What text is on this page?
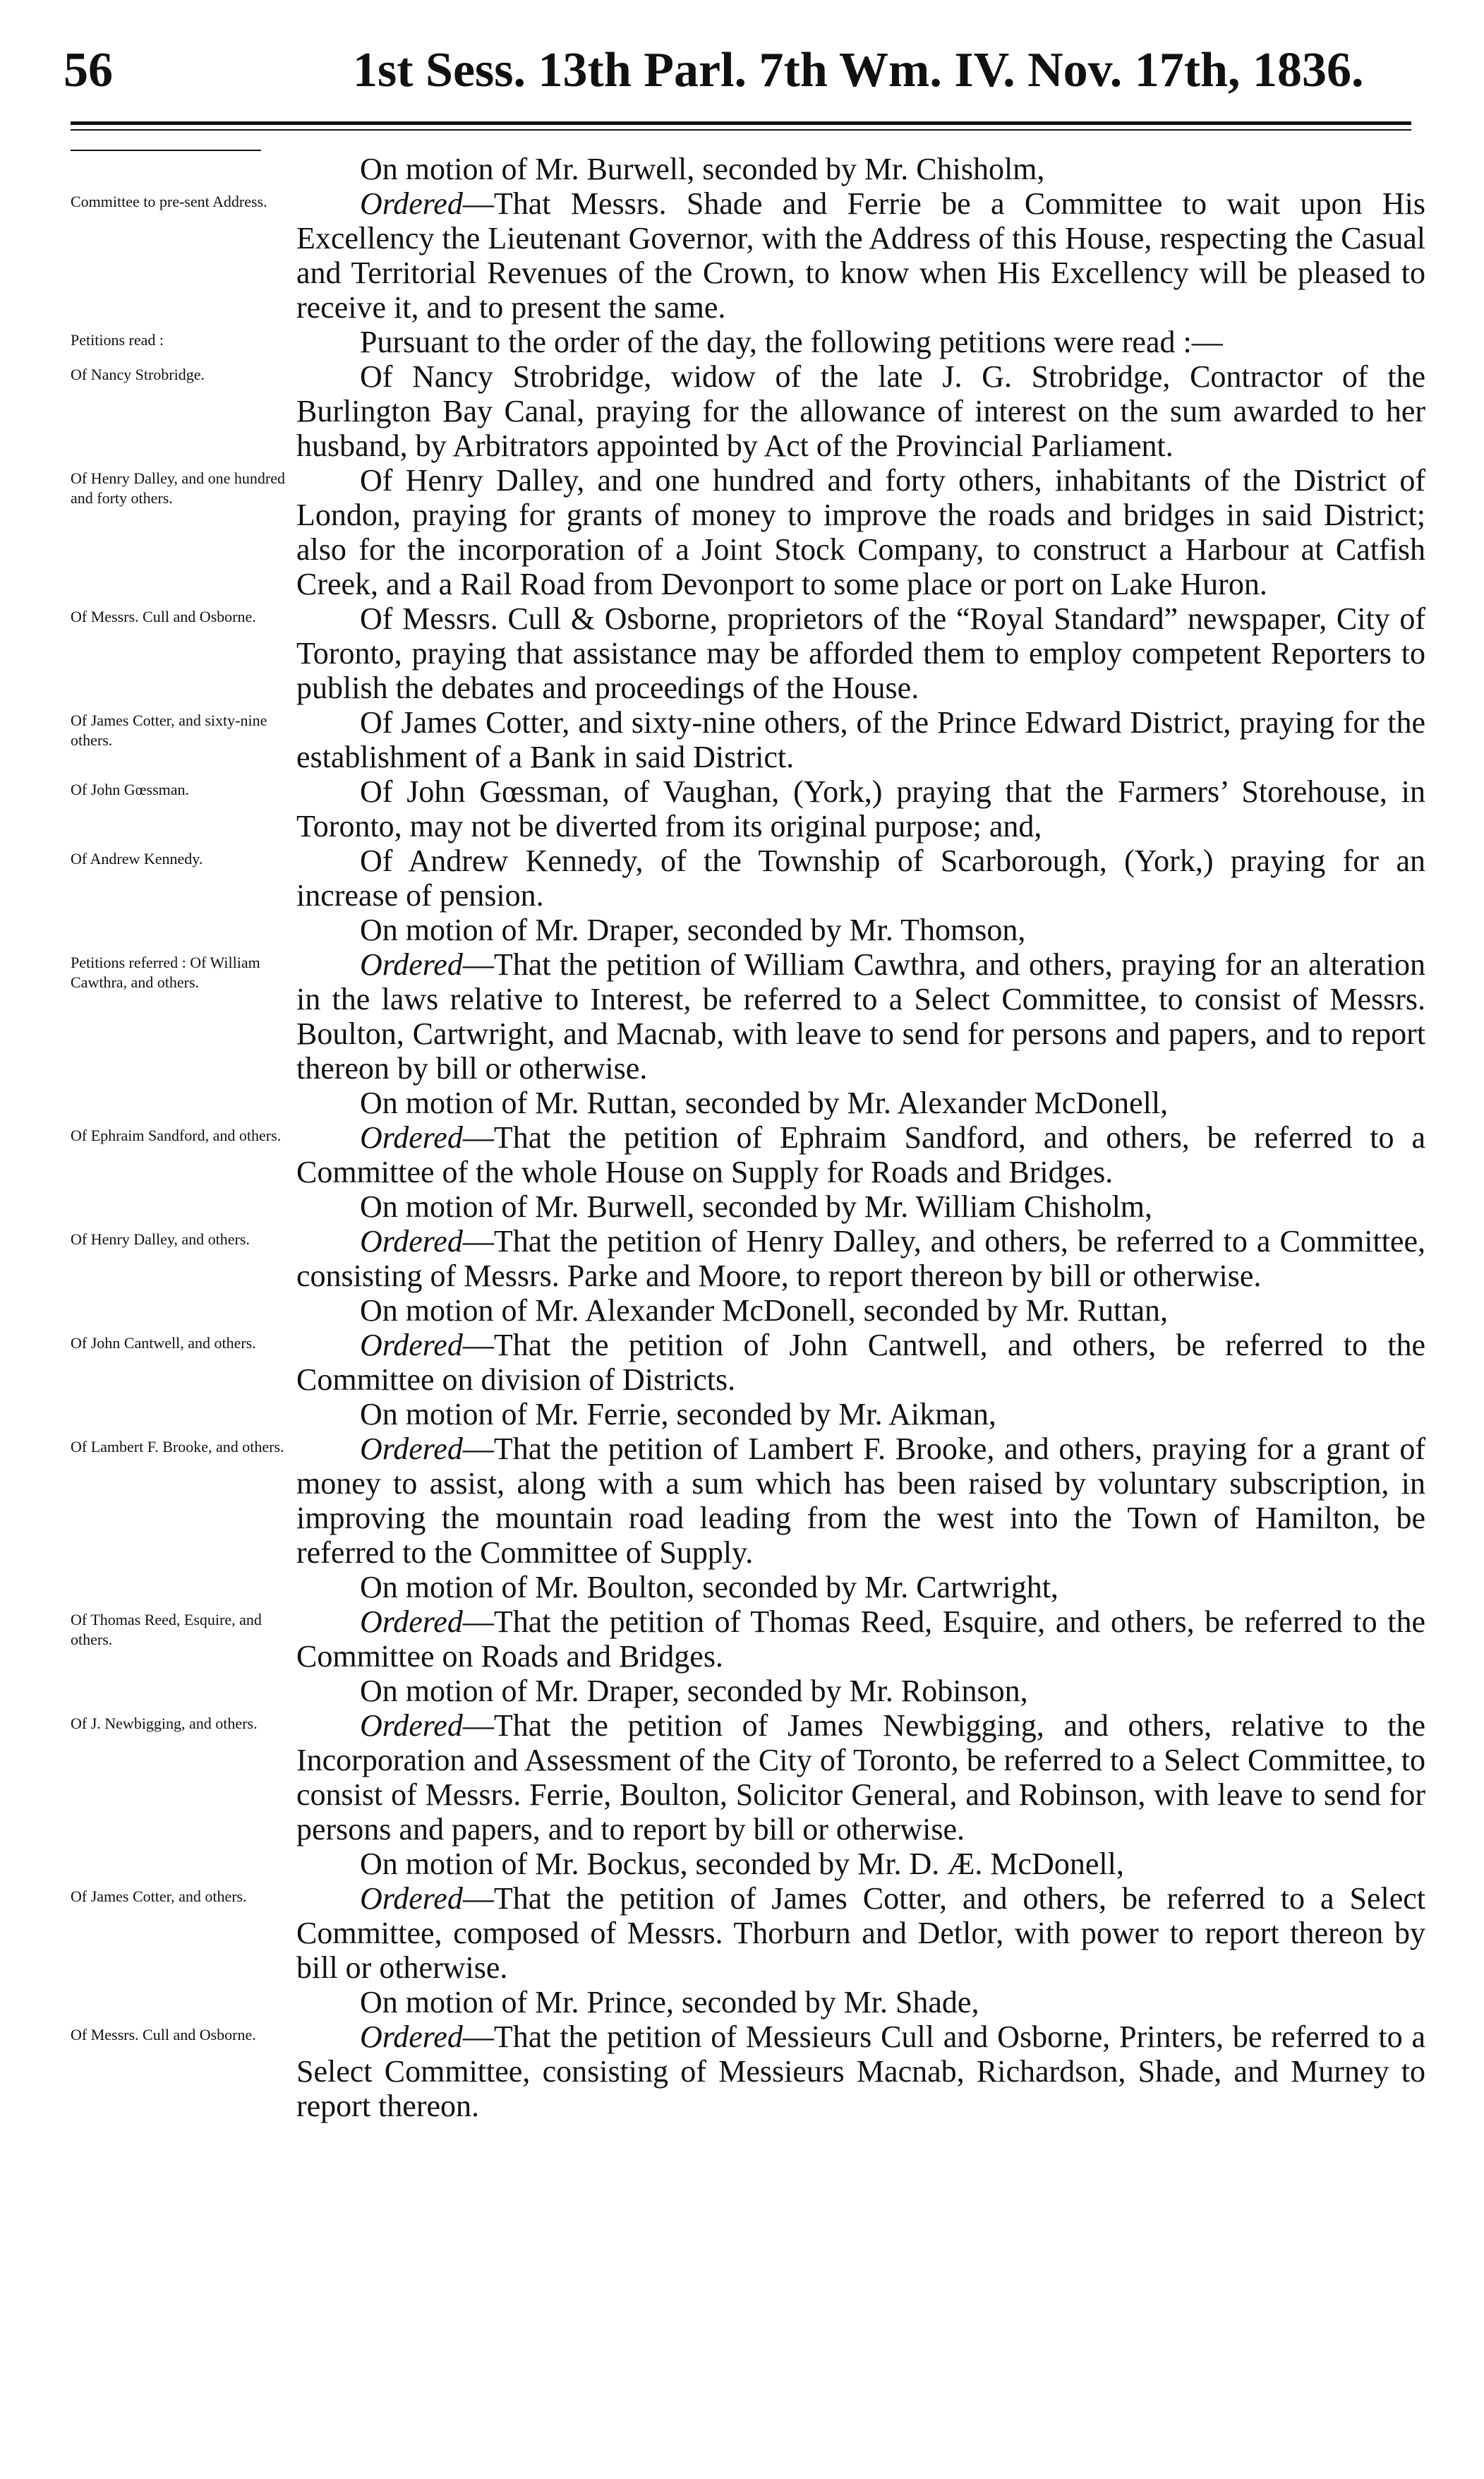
56	1st Sess. 13th Parl. 7th Wm. IV. Nov. 17th, 1836.

On motion of Mr. Burwell, seconded by Mr. Chisholm,

Committee to pre-sent Address.	Ordered—That Messrs. Shade and Ferrie be a Committee to wait upon His Excellency the Lieutenant Governor, with the Address of this House, respecting the Casual and Territorial Revenues of the Crown, to know when His Excellency will be pleased to receive it, and to present the same.

Petitions read :	Pursuant to the order of the day, the following petitions were read :—

Of Nancy Strobridge.	Of Nancy Strobridge, widow of the late J. G. Strobridge, Contractor of the Burlington Bay Canal, praying for the allowance of interest on the sum awarded to her husband, by Arbitrators appointed by Act of the Provincial Parliament.

Of Henry Dalley, and one hundred and forty others.

Of Henry Dalley, and one hundred and forty others, inhabitants of the District of London, praying for grants of money to improve the roads and bridges in said District; also for the incorporation of a Joint Stock Company, to construct a Harbour at Catfish Creek, and a Rail Road from Devonport to some place or port on Lake Huron.

Of Messrs. Cull and Osborne.	Of Messrs. Cull & Osborne, proprietors of the “Royal Standard” newspaper, City of Toronto, praying that assistance may be afforded them to employ competent Reporters to publish the debates and proceedings of the House.

Of James Cotter, and sixty-nine others.

Of James Cotter, and sixty-nine others, of the Prince Edward District, praying for the establishment of a Bank in said District.

Of John Gœssman.	Of John Gœssman, of Vaughan, (York,) praying that the Farmers’ Storehouse, in Toronto, may not be diverted from its original purpose; and,

Of Andrew Kennedy.	Of Andrew Kennedy, of the Township of Scarborough, (York,) praying for an increase of pension.

On motion of Mr. Draper, seconded by Mr. Thomson,

Petitions referred : Of William Cawthra, and others.

Ordered—That the petition of William Cawthra, and others, praying for an alteration in the laws relative to Interest, be referred to a Select Committee, to consist of Messrs. Boulton, Cartwright, and Macnab, with leave to send for persons and papers, and to report thereon by bill or otherwise.

On motion of Mr. Ruttan, seconded by Mr. Alexander McDonell,

Of Ephraim Sandford, and others.	Ordered—That the petition of Ephraim Sandford, and others, be referred to a Committee of the whole House on Supply for Roads and Bridges.

On motion of Mr. Burwell, seconded by Mr. William Chisholm,

Of Henry Dalley, and others.	Ordered—That the petition of Henry Dalley, and others, be referred to a Committee, consisting of Messrs. Parke and Moore, to report thereon by bill or otherwise.

On motion of Mr. Alexander McDonell, seconded by Mr. Ruttan,

Of John Cantwell, and others.	Ordered—That the petition of John Cantwell, and others, be referred to the Committee on division of Districts.

On motion of Mr. Ferrie, seconded by Mr. Aikman,

Of Lambert F. Brooke, and others.	Ordered—That the petition of Lambert F. Brooke, and others, praying for a grant of money to assist, along with a sum which has been raised by voluntary subscription, in improving the mountain road leading from the west into the Town of Hamilton, be referred to the Committee of Supply.

On motion of Mr. Boulton, seconded by Mr. Cartwright,

Of Thomas Reed, Esquire, and others.

Ordered—That the petition of Thomas Reed, Esquire, and others, be referred to the Committee on Roads and Bridges.

On motion of Mr. Draper, seconded by Mr. Robinson,

Of J. Newbigging, and others.	Ordered—That the petition of James Newbigging, and others, relative to the Incorporation and Assessment of the City of Toronto, be referred to a Select Committee, to consist of Messrs. Ferrie, Boulton, Solicitor General, and Robinson, with leave to send for persons and papers, and to report by bill or otherwise.

On motion of Mr. Bockus, seconded by Mr. D. Æ. McDonell,

Of James Cotter, and others.	Ordered—That the petition of James Cotter, and others, be referred to a Select Committee, composed of Messrs. Thorburn and Detlor, with power to report thereon by bill or otherwise.

On motion of Mr. Prince, seconded by Mr. Shade,

Of Messrs. Cull and Osborne.	Ordered—That the petition of Messieurs Cull and Osborne, Printers, be referred to a Select Committee, consisting of Messieurs Macnab, Richardson, Shade, and Murney to report thereon.
